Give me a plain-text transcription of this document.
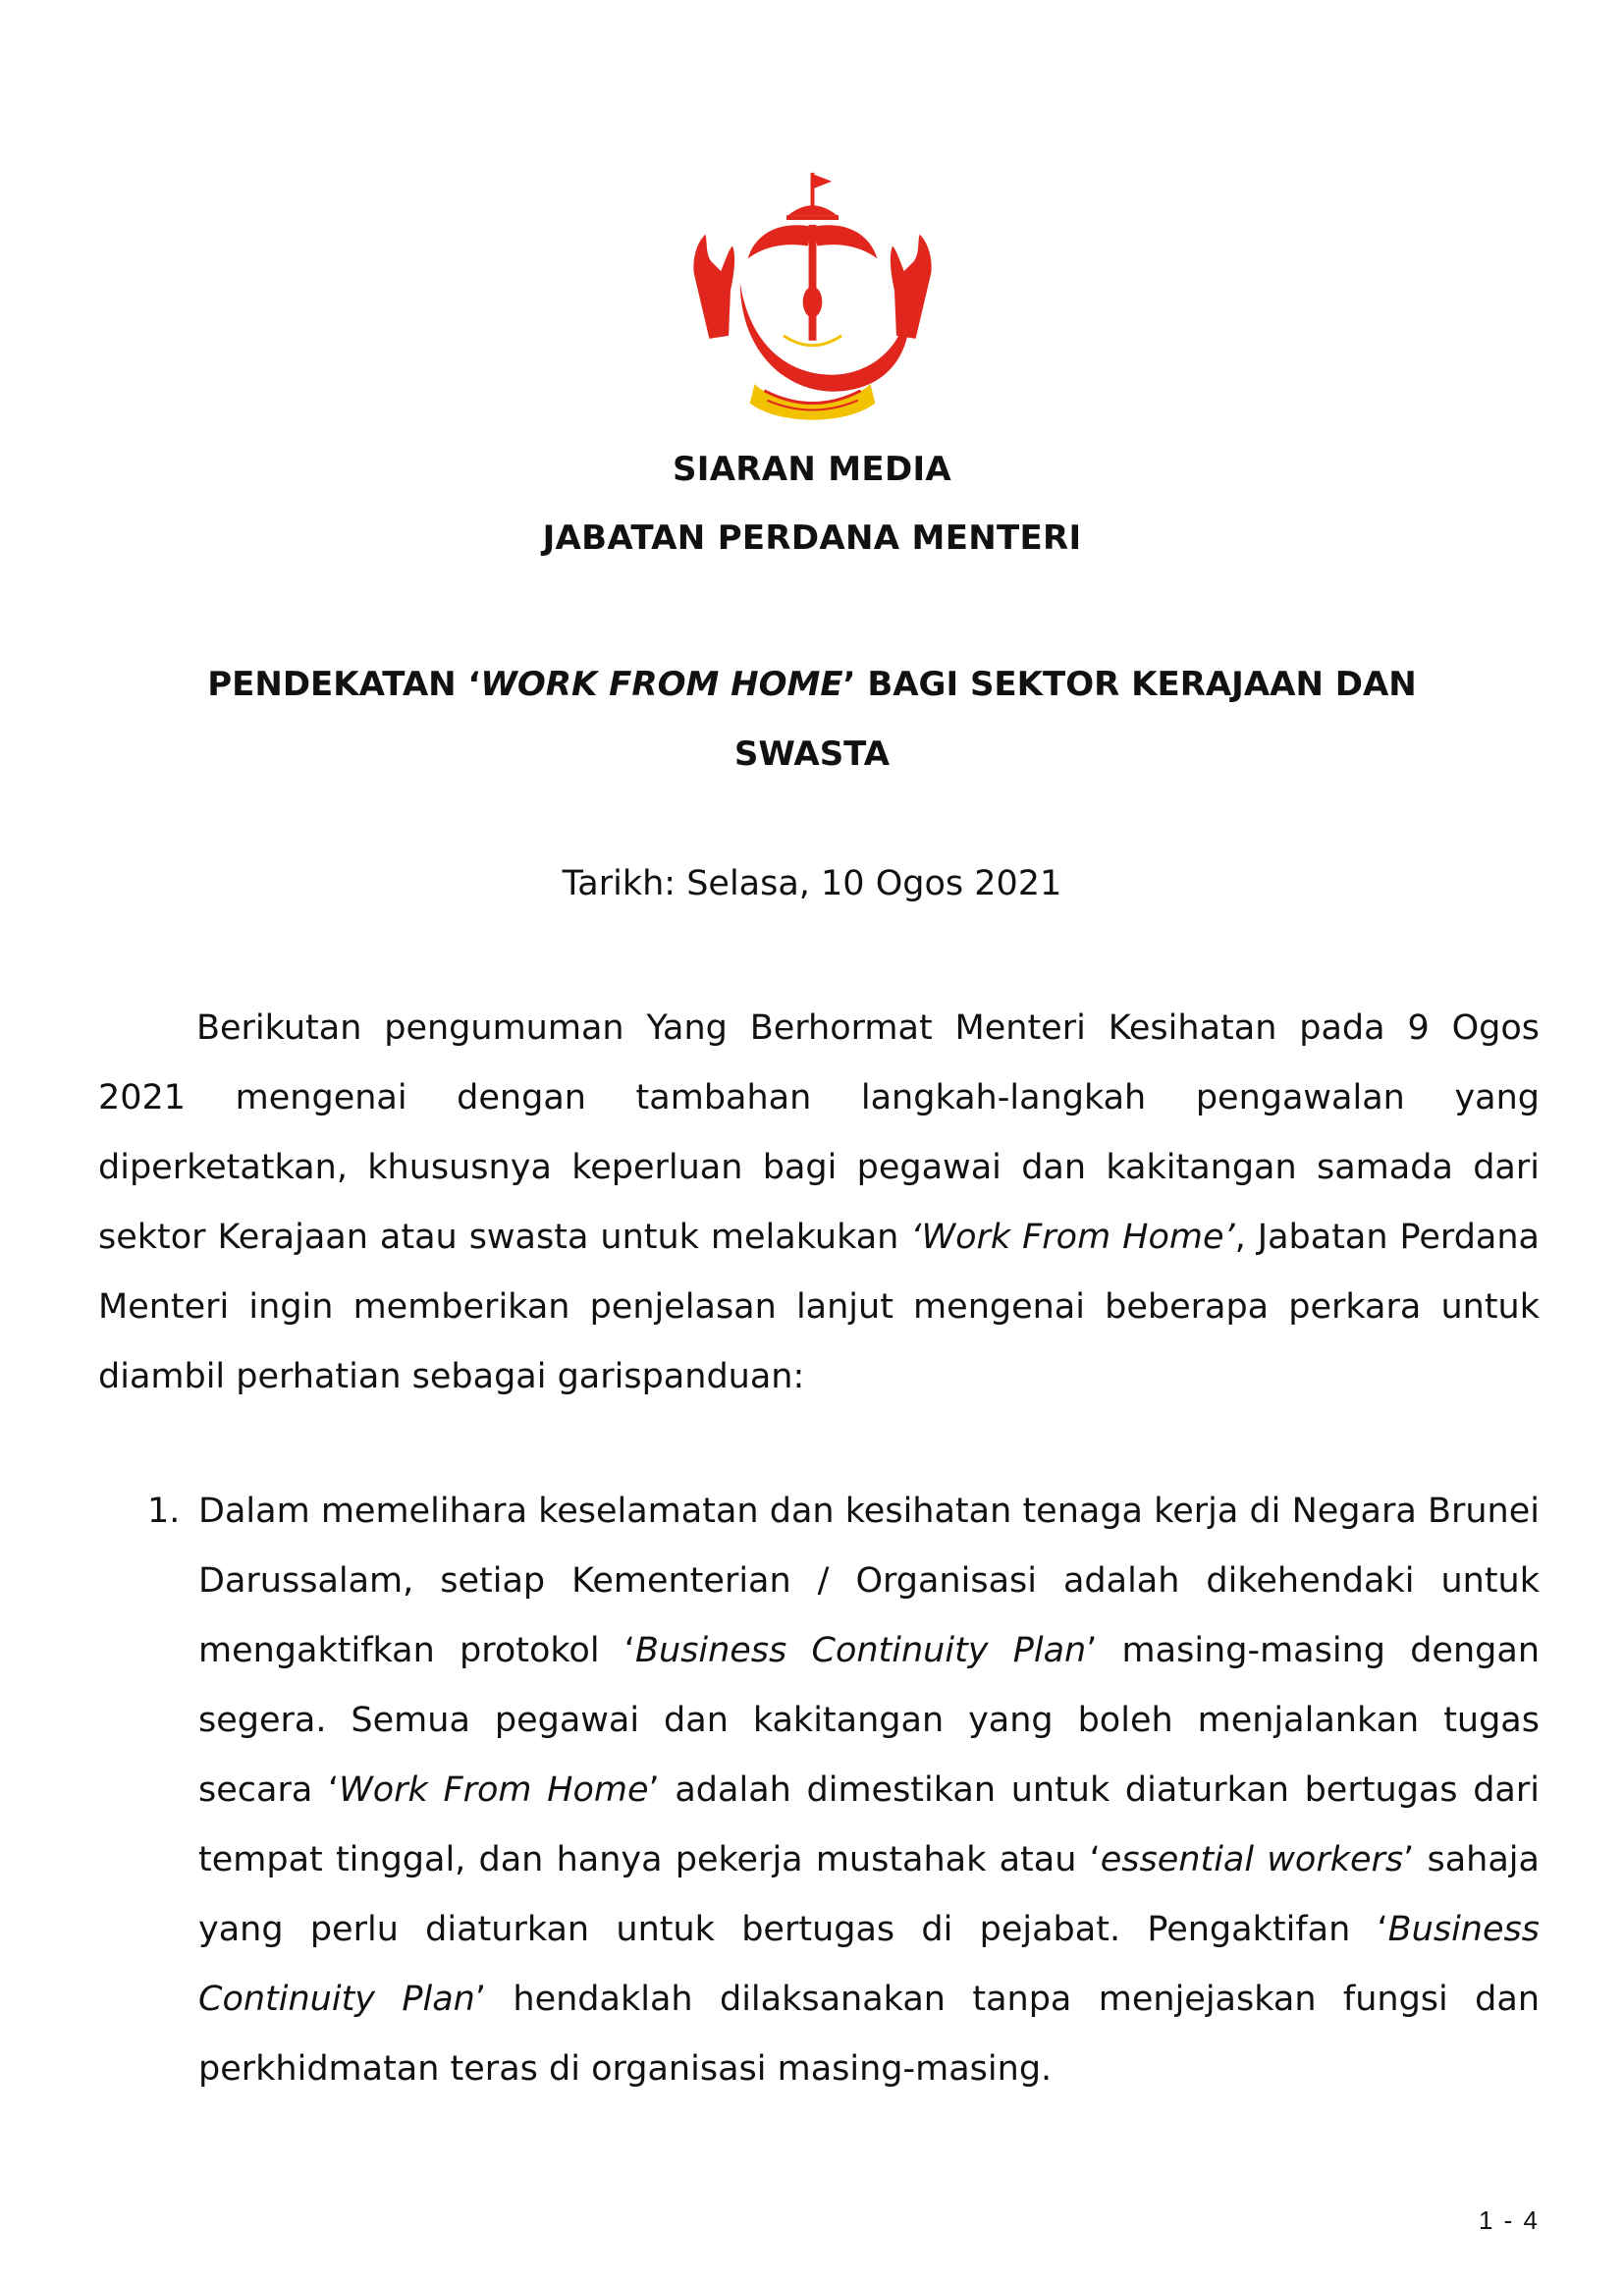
SIARAN MEDIA
JABATAN PERDANA MENTERI
PENDEKATAN ‘WORK FROM HOME’ BAGI SEKTOR KERAJAAN DAN SWASTA
Tarikh: Selasa, 10 Ogos 2021

Berikutan pengumuman Yang Berhormat Menteri Kesihatan pada 9 Ogos 2021 mengenai dengan tambahan langkah-langkah pengawalan yang diperketatkan, khususnya keperluan bagi pegawai dan kakitangan samada dari sektor Kerajaan atau swasta untuk melakukan ‘Work From Home’, Jabatan Perdana Menteri ingin memberikan penjelasan lanjut mengenai beberapa perkara untuk diambil perhatian sebagai garispanduan:

1. Dalam memelihara keselamatan dan kesihatan tenaga kerja di Negara Brunei Darussalam, setiap Kementerian / Organisasi adalah dikehendaki untuk mengaktifkan protokol ‘Business Continuity Plan’ masing-masing dengan segera. Semua pegawai dan kakitangan yang boleh menjalankan tugas secara ‘Work From Home’ adalah dimestikan untuk diaturkan bertugas dari tempat tinggal, dan hanya pekerja mustahak atau ‘essential workers’ sahaja yang perlu diaturkan untuk bertugas di pejabat. Pengaktifan ‘Business Continuity Plan’ hendaklah dilaksanakan tanpa menjejaskan fungsi dan perkhidmatan teras di organisasi masing-masing.

1 - 4
